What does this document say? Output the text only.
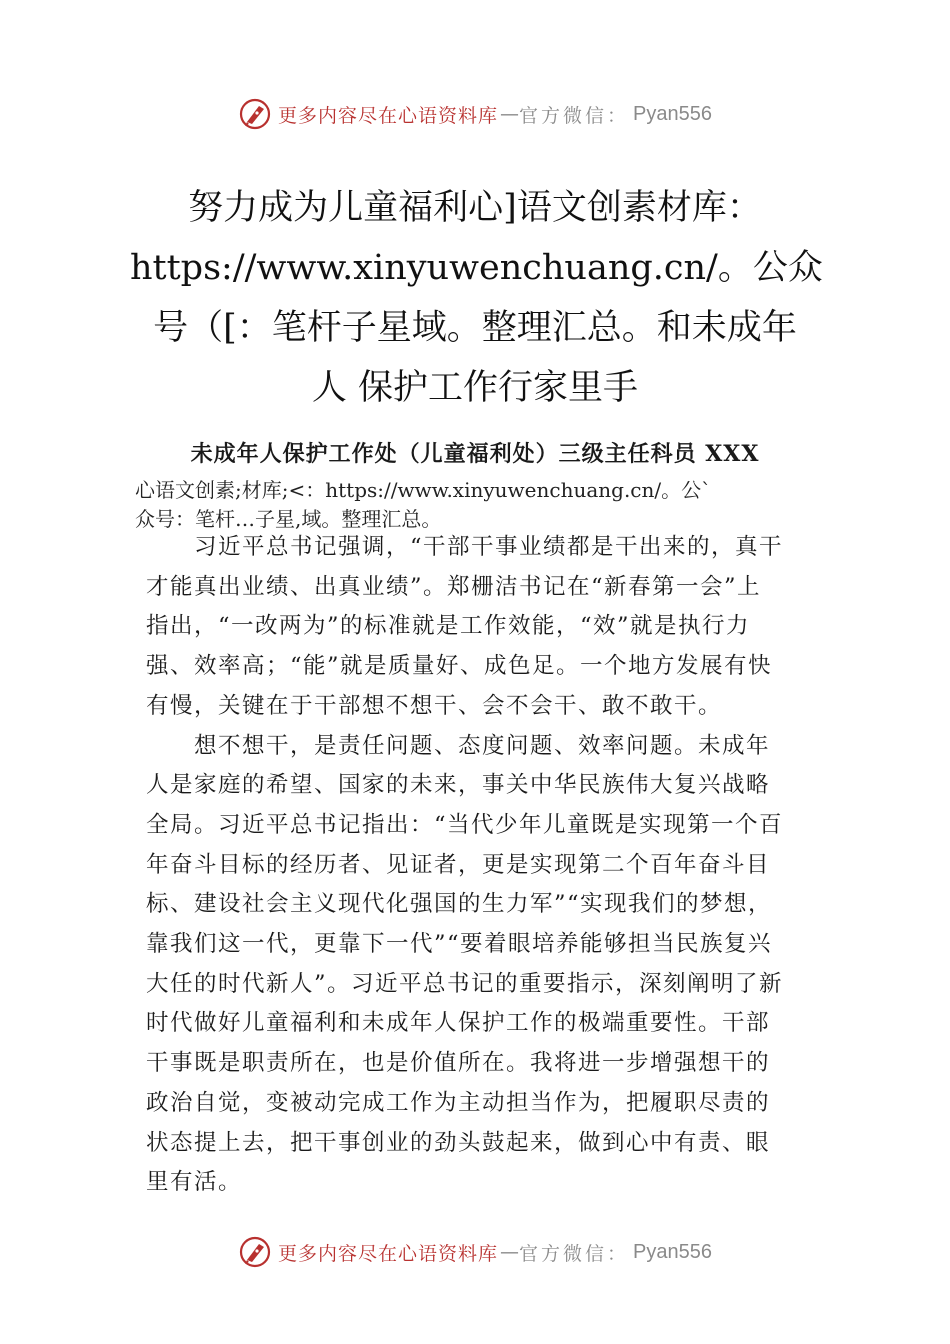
更多内容尽在心语资料库 — 官方微信： Pyan556
努力成为儿童福利心]语文创素材库：
https://www.xinyuwenchuang.cn/。公众
号（[：笔杆子星域。整理汇总。和未成年
人 保护工作行家里手
未成年人保护工作处（儿童福利处）三级主任科员 XXX
心语文创素;材库;<：https://www.xinyuwenchuang.cn/。公`
众号：笔杆…子星,域。整理汇总。

　　习近平总书记强调，“干部干事业绩都是干出来的，真干
才能真出业绩、出真业绩”。郑栅洁书记在“新春第一会”上
指出，“一改两为”的标准就是工作效能，“效”就是执行力
强、效率高；“能”就是质量好、成色足。一个地方发展有快
有慢，关键在于干部想不想干、会不会干、敢不敢干。

　　想不想干，是责任问题、态度问题、效率问题。未成年
人是家庭的希望、国家的未来，事关中华民族伟大复兴战略
全局。习近平总书记指出：“当代少年儿童既是实现第一个百
年奋斗目标的经历者、见证者，更是实现第二个百年奋斗目
标、建设社会主义现代化强国的生力军”“实现我们的梦想，
靠我们这一代，更靠下一代”“要着眼培养能够担当民族复兴
大任的时代新人”。习近平总书记的重要指示，深刻阐明了新
时代做好儿童福利和未成年人保护工作的极端重要性。干部
干事既是职责所在，也是价值所在。我将进一步增强想干的
政治自觉，变被动完成工作为主动担当作为，把履职尽责的
状态提上去，把干事创业的劲头鼓起来，做到心中有责、眼
里有活。

更多内容尽在心语资料库 — 官方微信： Pyan556
